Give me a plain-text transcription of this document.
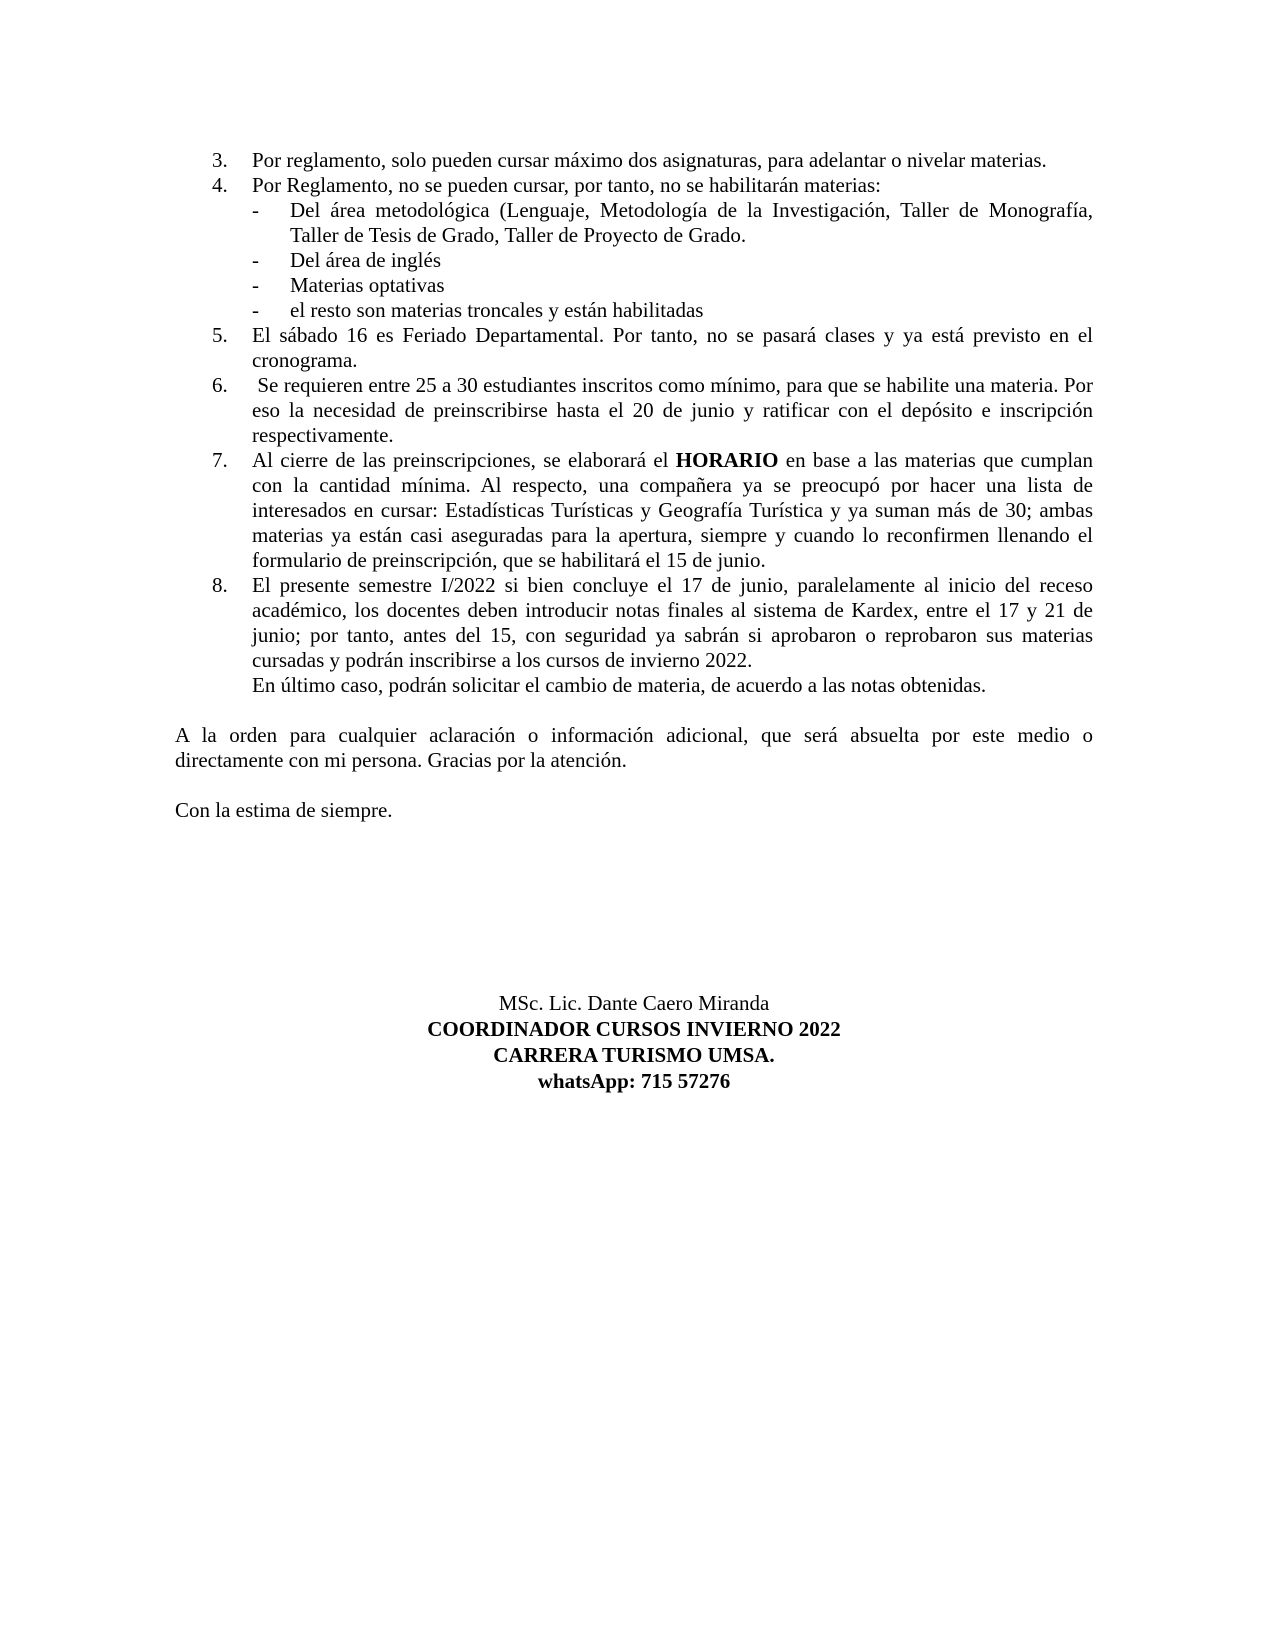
3. Por reglamento, solo pueden cursar máximo dos asignaturas, para adelantar o nivelar materias.
4. Por Reglamento, no se pueden cursar, por tanto, no se habilitarán materias:
- Del área metodológica (Lenguaje, Metodología de la Investigación, Taller de Monografía, Taller de Tesis de Grado, Taller de Proyecto de Grado.
- Del área de inglés
- Materias optativas
- el resto son materias troncales y están habilitadas
5. El sábado 16 es Feriado Departamental. Por tanto, no se pasará clases y ya está previsto en el cronograma.
6. Se requieren entre 25 a 30 estudiantes inscritos como mínimo, para que se habilite una materia. Por eso la necesidad de preinscribirse hasta el 20 de junio y ratificar con el depósito e inscripción respectivamente.
7. Al cierre de las preinscripciones, se elaborará el HORARIO en base a las materias que cumplan con la cantidad mínima. Al respecto, una compañera ya se preocupó por hacer una lista de interesados en cursar: Estadísticas Turísticas y Geografía Turística y ya suman más de 30; ambas materias ya están casi aseguradas para la apertura, siempre y cuando lo reconfirmen llenando el formulario de preinscripción, que se habilitará el 15 de junio.
8. El presente semestre I/2022 si bien concluye el 17 de junio, paralelamente al inicio del receso académico, los docentes deben introducir notas finales al sistema de Kardex, entre el 17 y 21 de junio; por tanto, antes del 15, con seguridad ya sabrán si aprobaron o reprobaron sus materias cursadas y podrán inscribirse a los cursos de invierno 2022.
En último caso, podrán solicitar el cambio de materia, de acuerdo a las notas obtenidas.

A la orden para cualquier aclaración o información adicional, que será absuelta por este medio o directamente con mi persona. Gracias por la atención.

Con la estima de siempre.

MSc. Lic. Dante Caero Miranda
COORDINADOR CURSOS INVIERNO 2022
CARRERA TURISMO UMSA.
whatsApp: 715 57276
